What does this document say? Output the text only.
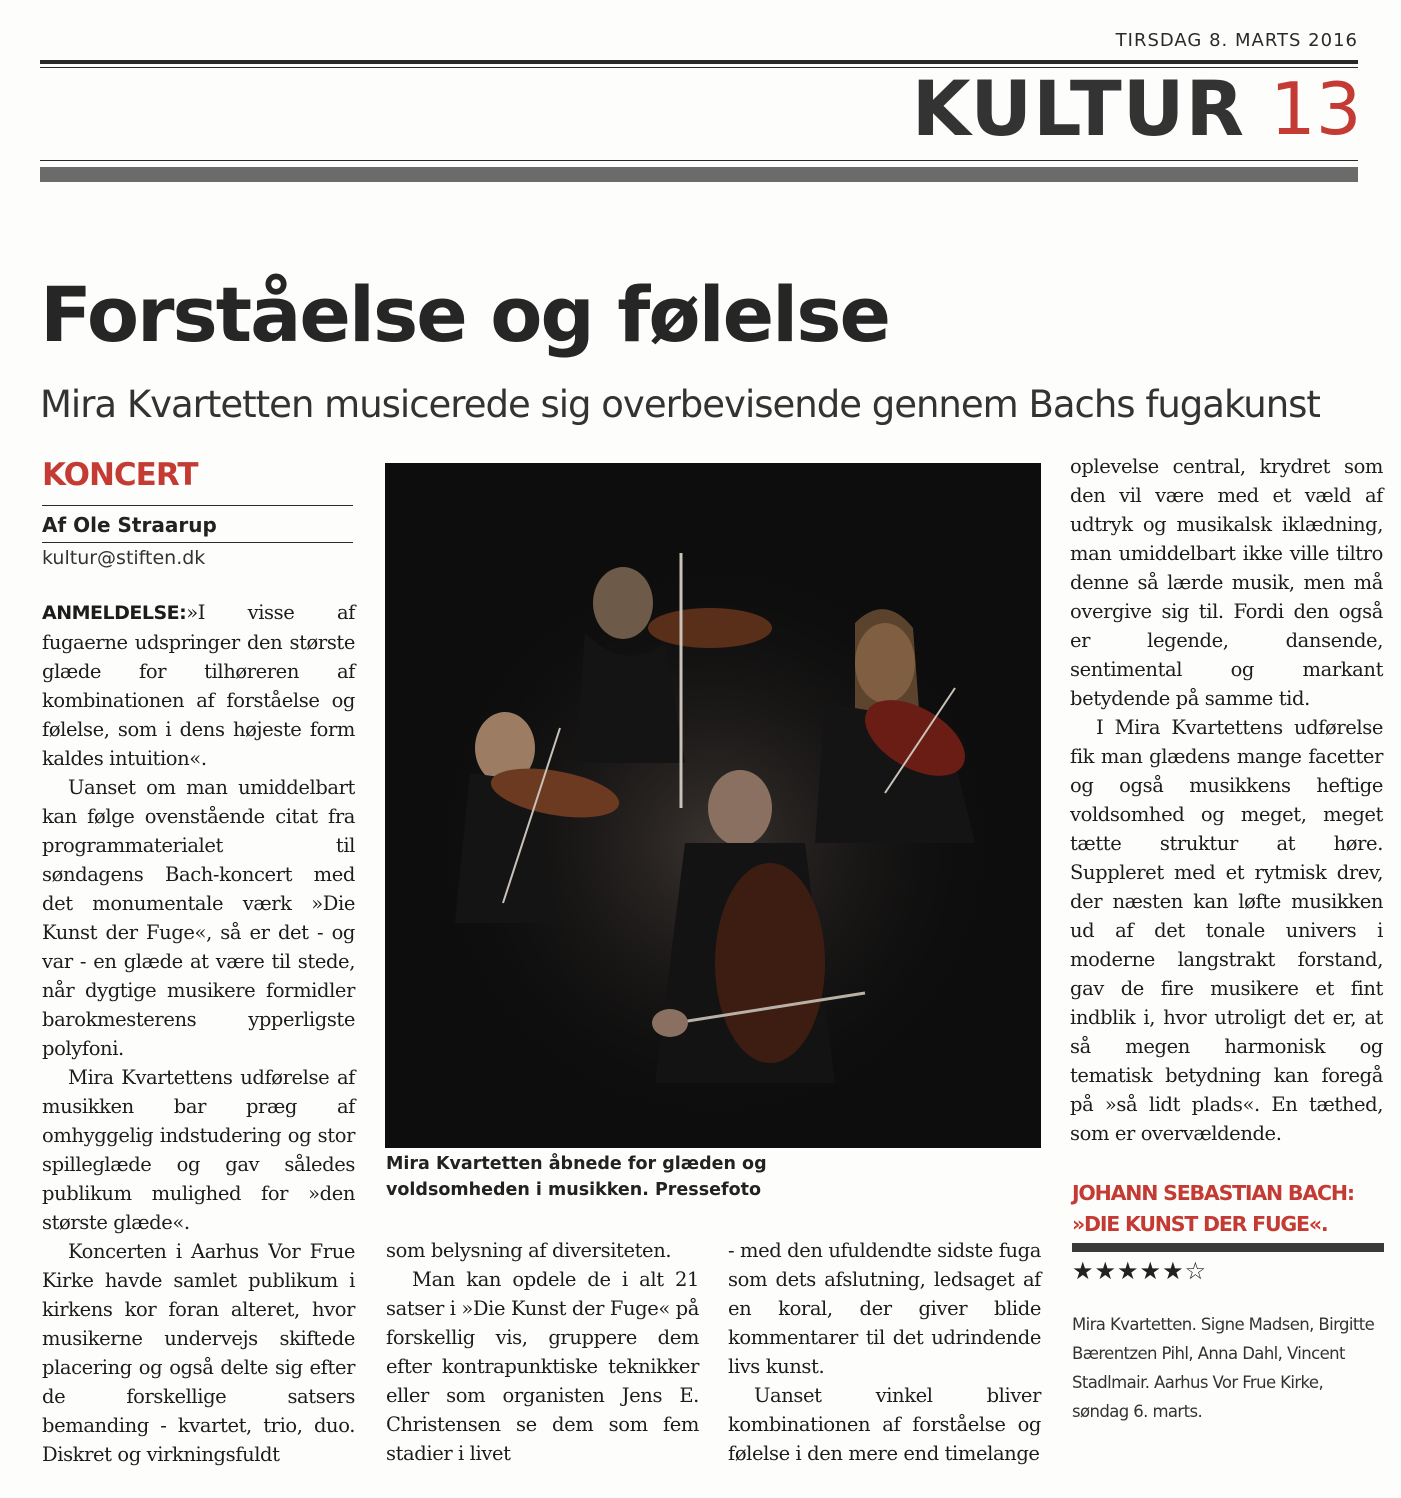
TIRSDAG 8. MARTS 2016
KULTUR 13
Forståelse og følelse
Mira Kvartetten musicerede sig overbevisende gennem Bachs fugakunst
KONCERT
Af Ole Straarup
kultur@stiften.dk

ANMELDELSE:»I visse af fugaerne udspringer den største glæde for tilhøreren af kombinationen af forståelse og følelse, som i dens højeste form kaldes intuition«.

Uanset om man umiddelbart kan følge ovenstående citat fra programmaterialet til søndagens Bach-koncert med det monumentale værk »Die Kunst der Fuge«, så er det - og var - en glæde at være til stede, når dygtige musikere formidler barokmesterens ypperligste polyfoni.

Mira Kvartettens udførelse af musikken bar præg af omhyggelig indstudering og stor spilleglæde og gav således publikum mulighed for »den største glæde«.

Koncerten i Aarhus Vor Frue Kirke havde samlet publikum i kirkens kor foran alteret, hvor musikerne undervejs skiftede placering og også delte sig efter de forskellige satsers bemanding - kvartet, trio, duo. Diskret og virkningsfuldt

Mira Kvartetten åbnede for glæden og voldsomheden i musikken. Pressefoto

som belysning af diversiteten.

Man kan opdele de i alt 21 satser i »Die Kunst der Fuge« på forskellig vis, gruppere dem efter kontrapunktiske teknikker eller som organisten Jens E. Christensen se dem som fem stadier i livet

- med den ufuldendte sidste fuga som dets afslutning, ledsaget af en koral, der giver blide kommentarer til det udrindende livs kunst.

Uanset vinkel bliver kombinationen af forståelse og følelse i den mere end timelange

oplevelse central, krydret som den vil være med et væld af udtryk og musikalsk iklædning, man umiddelbart ikke ville tiltro denne så lærde musik, men må overgive sig til. Fordi den også er legende, dansende, sentimental og markant betydende på samme tid.

I Mira Kvartettens udførelse fik man glædens mange facetter og også musikkens heftige voldsomhed og meget, meget tætte struktur at høre. Suppleret med et rytmisk drev, der næsten kan løfte musikken ud af det tonale univers i moderne langstrakt forstand, gav de fire musikere et fint indblik i, hvor utroligt det er, at så megen harmonisk og tematisk betydning kan foregå på »så lidt plads«. En tæthed, som er overvældende.

JOHANN SEBASTIAN BACH:
»DIE KUNST DER FUGE«.
★★★★★☆
Mira Kvartetten. Signe Madsen, Birgitte Bærentzen Pihl, Anna Dahl, Vincent Stadlmair. Aarhus Vor Frue Kirke, søndag 6. marts.
